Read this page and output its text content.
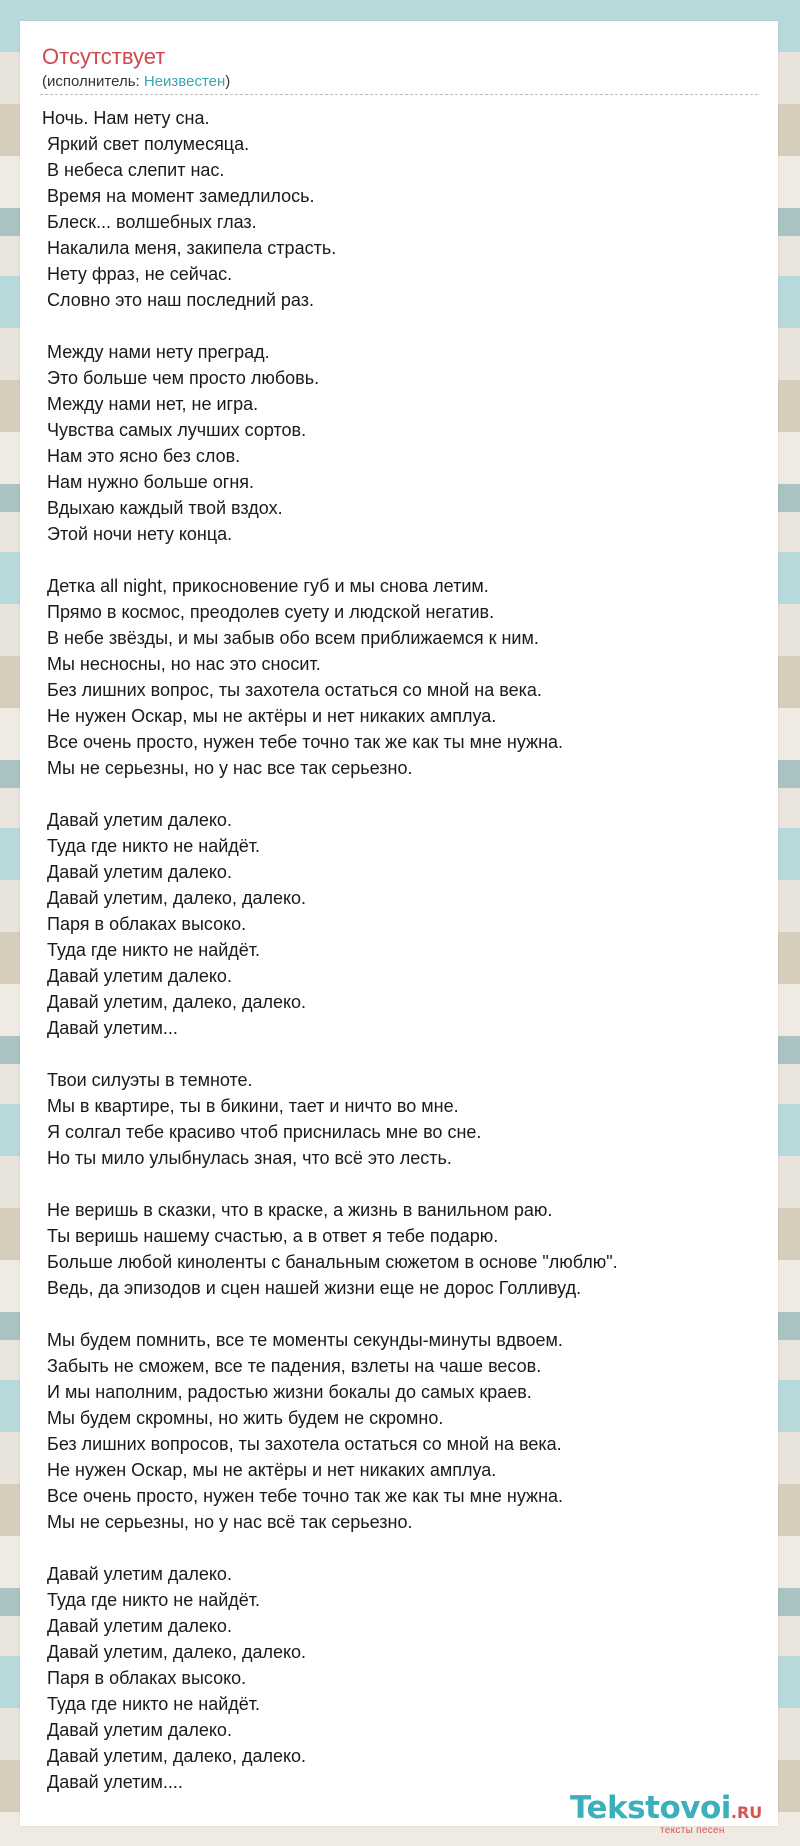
Отсутствует
(исполнитель: Неизвестен)
Ночь. Нам нету сна.
Яркий свет полумесяца.
В небеса слепит нас.
Время на момент замедлилось.
Блеск... волшебных глаз.
Накалила меня, закипела страсть.
Нету фраз, не сейчас.
Словно это наш последний раз.
Между нами нету преград.
Это больше чем просто любовь.
Между нами нет, не игра.
Чувства самых лучших сортов.
Нам это ясно без слов.
Нам нужно больше огня.
Вдыхаю каждый твой вздох.
Этой ночи нету конца.
Детка all night, прикосновение губ и мы снова летим.
Прямо в космос, преодолев суету и людской негатив.
В небе звёзды, и мы забыв обо всем приближаемся к ним.
Мы несносны, но нас это сносит.
Без лишних вопрос, ты захотела остаться со мной на века.
Не нужен Оскар, мы не актёры и нет никаких амплуа.
Все очень просто, нужен тебе точно так же как ты мне нужна.
Мы не серьезны, но у нас все так серьезно.
Давай улетим далеко.
Туда где никто не найдёт.
Давай улетим далеко.
Давай улетим, далеко, далеко.
Паря в облаках высоко.
Туда где никто не найдёт.
Давай улетим далеко.
Давай улетим, далеко, далеко.
Давай улетим...
Твои силуэты в темноте.
Мы в квартире, ты в бикини, тает и ничто во мне.
Я солгал тебе красиво чтоб приснилась мне во сне.
Но ты мило улыбнулась зная, что всё это лесть.
Не веришь в сказки, что в краске, а жизнь в ванильном раю.
Ты веришь нашему счастью, а в ответ я тебе подарю.
Больше любой киноленты с банальным сюжетом в основе "люблю".
Ведь, да эпизодов и сцен нашей жизни еще не дорос Голливуд.
Мы будем помнить, все те моменты секунды-минуты вдвоем.
Забыть не сможем, все те падения, взлеты на чаше весов.
И мы наполним, радостью жизни бокалы до самых краев.
Мы будем скромны, но жить будем не скромно.
Без лишних вопросов, ты захотела остаться со мной на века.
Не нужен Оскар, мы не актёры и нет никаких амплуа.
Все очень просто, нужен тебе точно так же как ты мне нужна.
Мы не серьезны, но у нас всё так серьезно.
Давай улетим далеко.
Туда где никто не найдёт.
Давай улетим далеко.
Давай улетим, далеко, далеко.
Паря в облаках высоко.
Туда где никто не найдёт.
Давай улетим далеко.
Давай улетим, далеко, далеко.
Давай улетим....
Tekstovoi.RU
тексты песен
